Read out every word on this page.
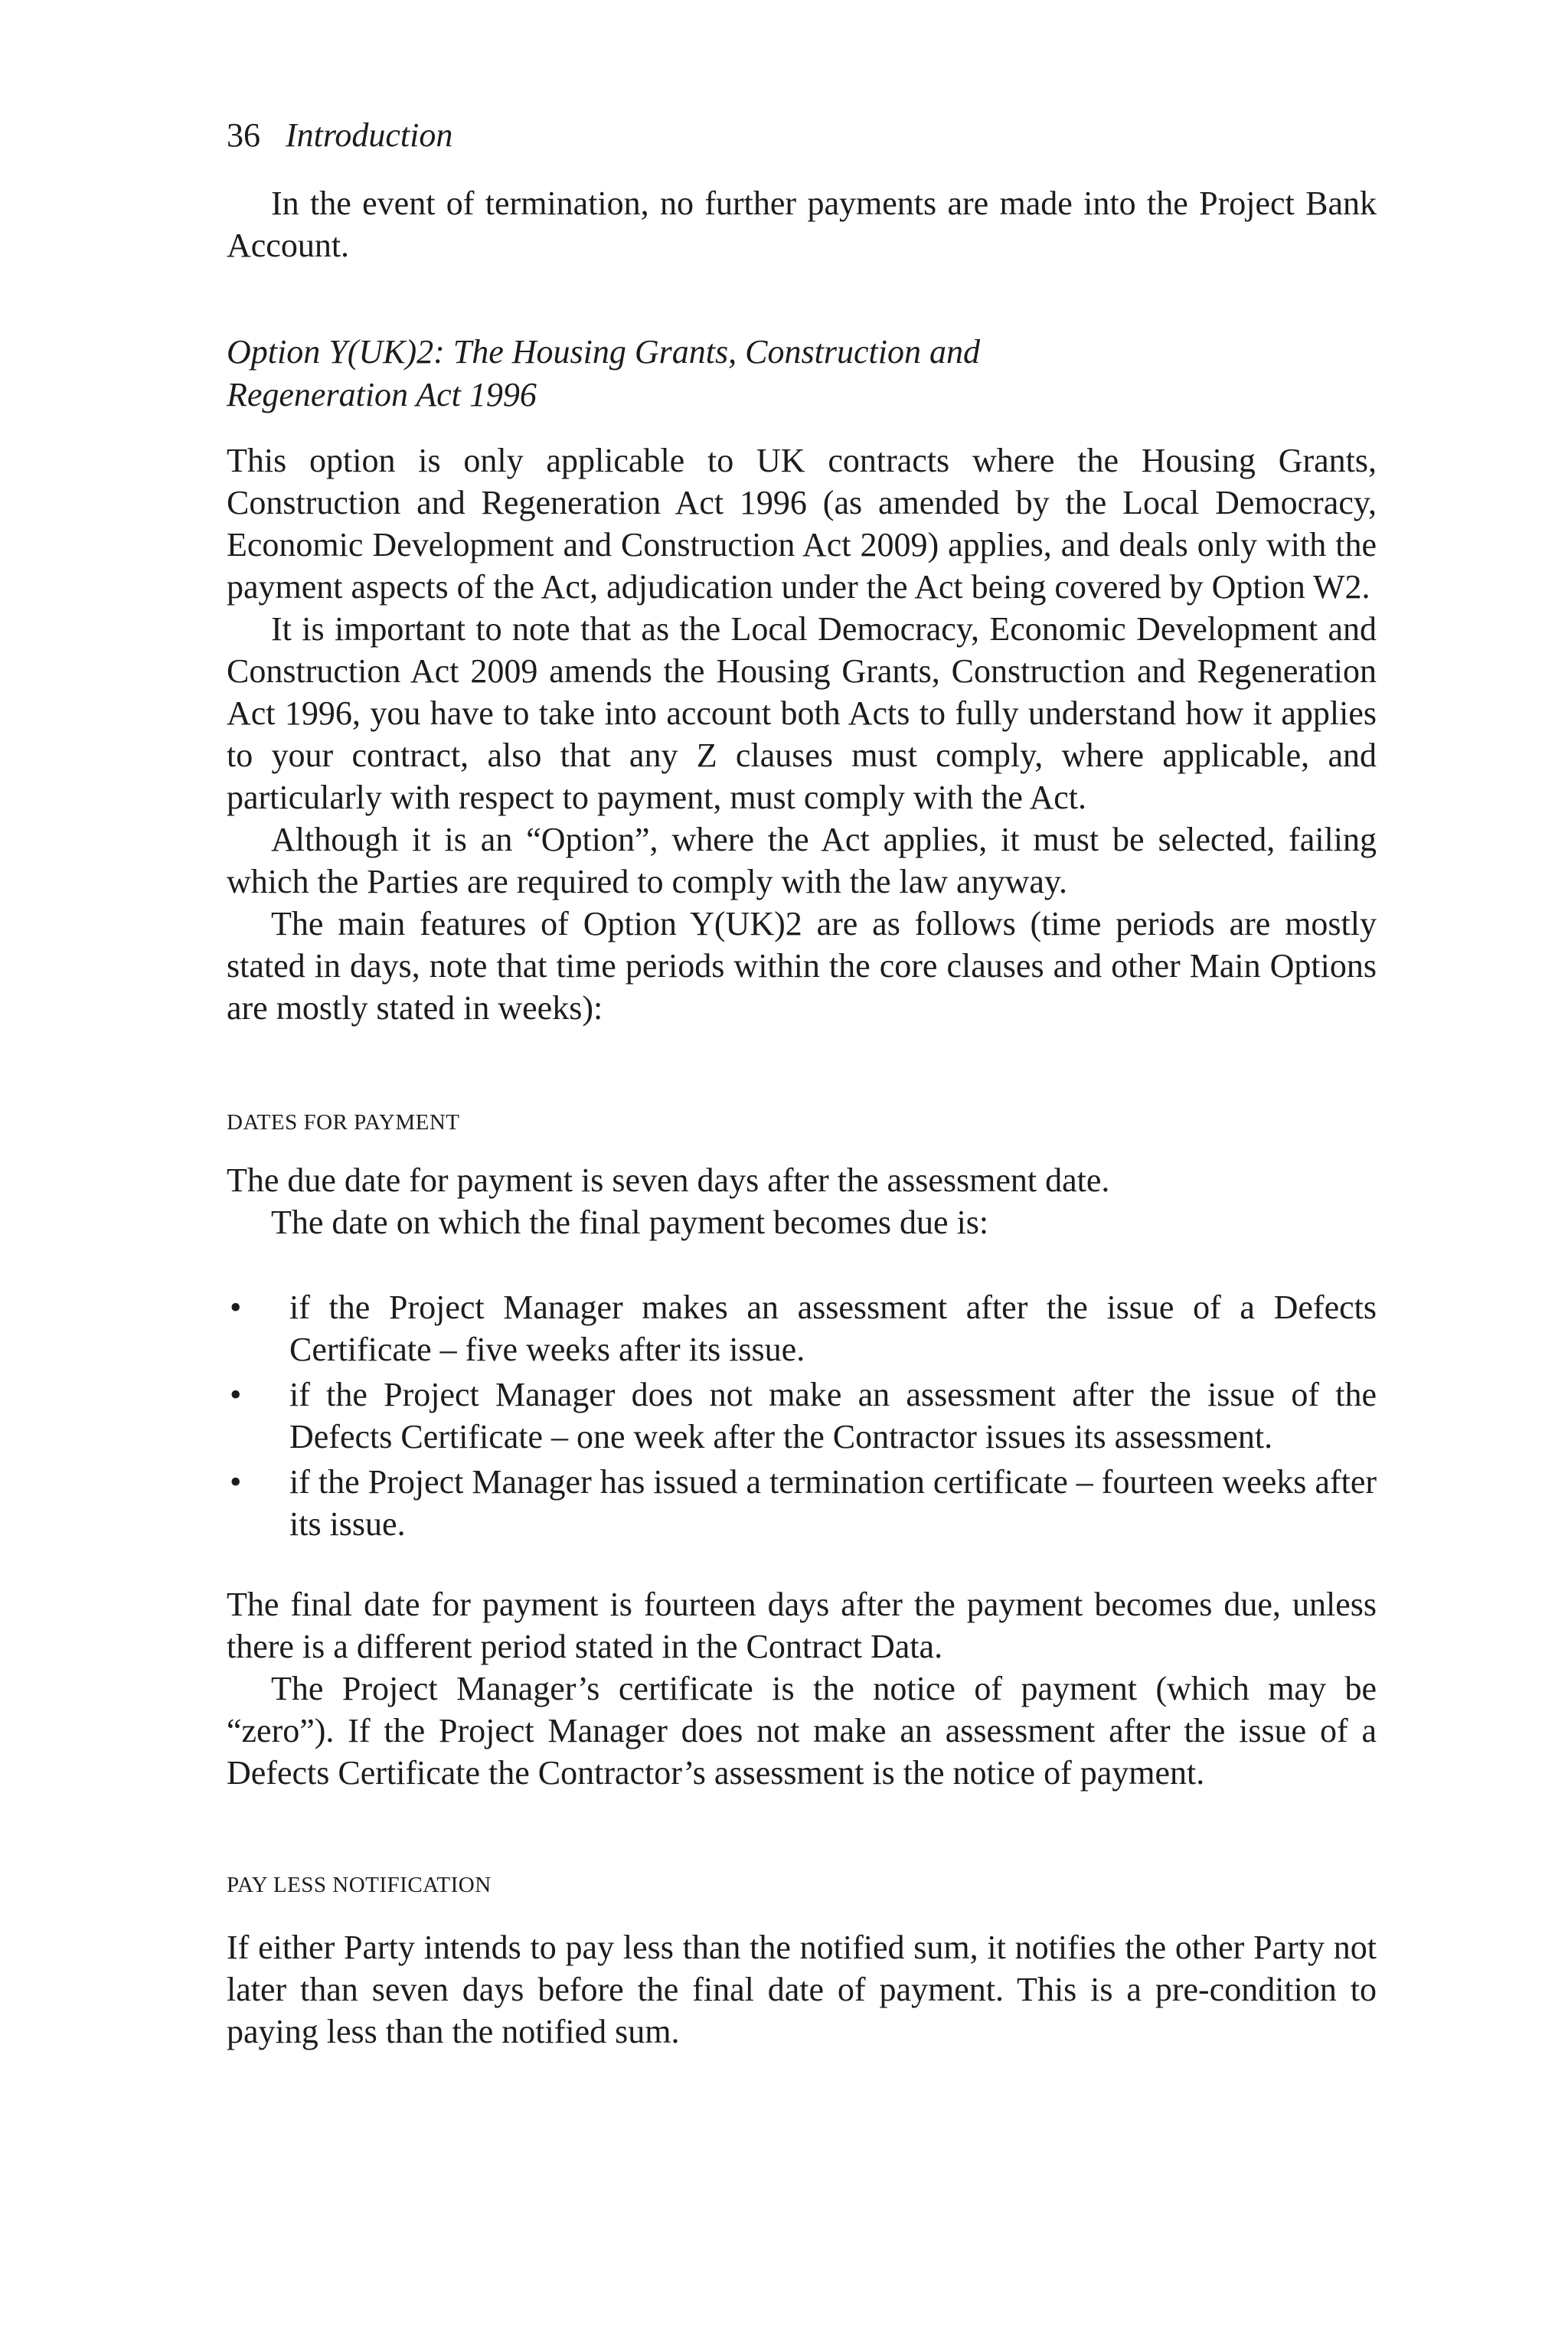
36 Introduction

In the event of termination, no further payments are made into the Project Bank Account.

Option Y(UK)2: The Housing Grants, Construction and
Regeneration Act 1996

This option is only applicable to UK contracts where the Housing Grants, Construction and Regeneration Act 1996 (as amended by the Local Democracy, Economic Development and Construction Act 2009) applies, and deals only with the payment aspects of the Act, adjudication under the Act being covered by Option W2.

It is important to note that as the Local Democracy, Economic Development and Construction Act 2009 amends the Housing Grants, Construction and Regeneration Act 1996, you have to take into account both Acts to fully understand how it applies to your contract, also that any Z clauses must comply, where applicable, and particularly with respect to payment, must comply with the Act.

Although it is an “Option”, where the Act applies, it must be selected, failing which the Parties are required to comply with the law anyway.

The main features of Option Y(UK)2 are as follows (time periods are mostly stated in days, note that time periods within the core clauses and other Main Options are mostly stated in weeks):

DATES FOR PAYMENT

The due date for payment is seven days after the assessment date.

The date on which the final payment becomes due is:

• if the Project Manager makes an assessment after the issue of a Defects Certificate – five weeks after its issue.
• if the Project Manager does not make an assessment after the issue of the Defects Certificate – one week after the Contractor issues its assessment.
• if the Project Manager has issued a termination certificate – fourteen weeks after its issue.

The final date for payment is fourteen days after the payment becomes due, unless there is a different period stated in the Contract Data.

The Project Manager’s certificate is the notice of payment (which may be “zero”). If the Project Manager does not make an assessment after the issue of a Defects Certificate the Contractor’s assessment is the notice of payment.

PAY LESS NOTIFICATION

If either Party intends to pay less than the notified sum, it notifies the other Party not later than seven days before the final date of payment. This is a pre-condition to paying less than the notified sum.
